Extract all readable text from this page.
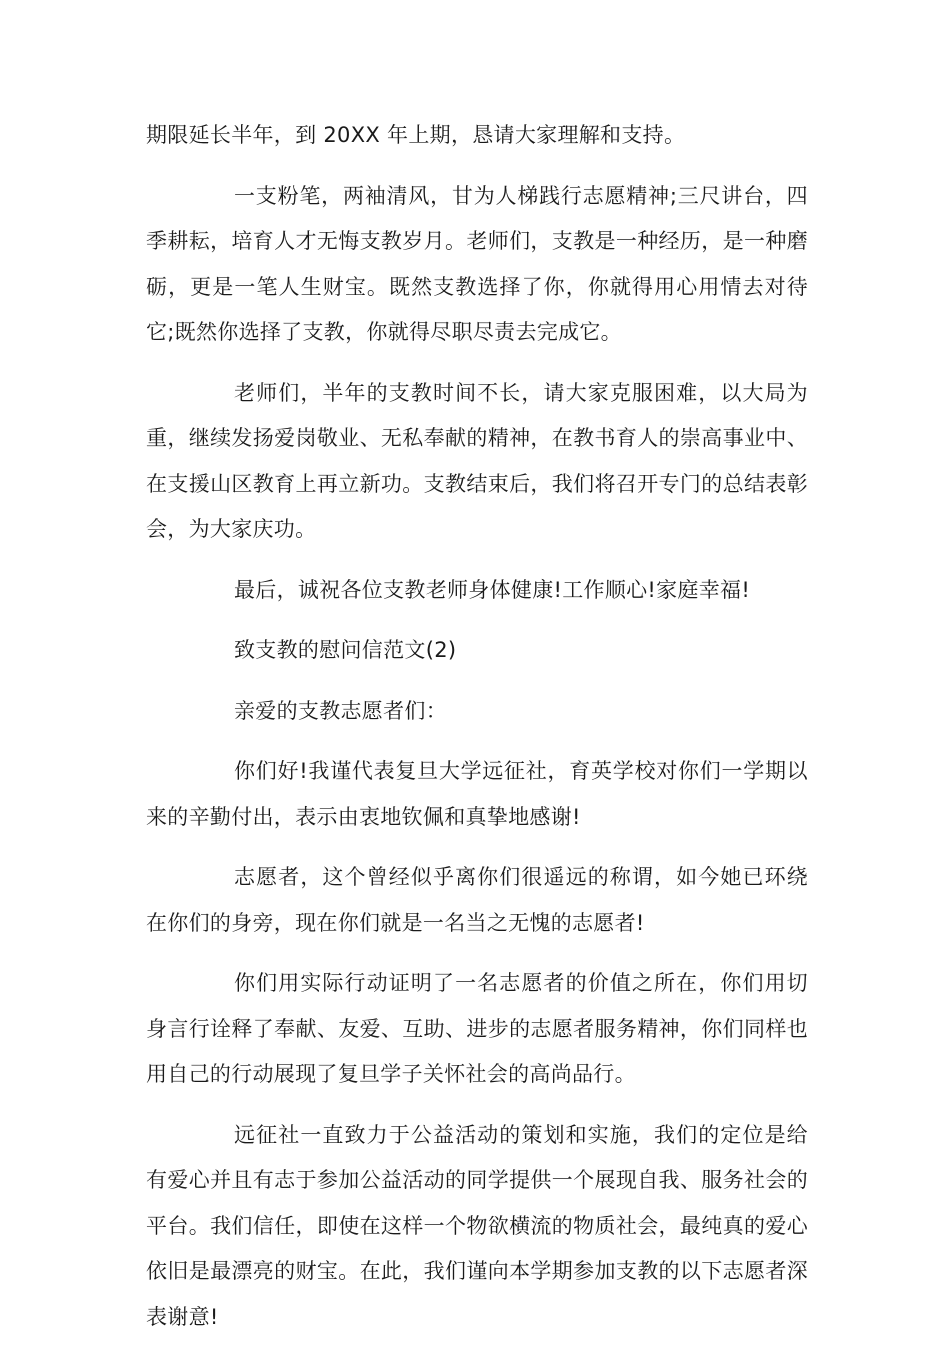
期限延长半年，到 20XX 年上期，恳请大家理解和支持。

一支粉笔，两袖清风，甘为人梯践行志愿精神;三尺讲台，四季耕耘，培育人才无悔支教岁月。老师们，支教是一种经历，是一种磨砺，更是一笔人生财宝。既然支教选择了你，你就得用心用情去对待它;既然你选择了支教，你就得尽职尽责去完成它。

老师们，半年的支教时间不长，请大家克服困难，以大局为重，继续发扬爱岗敬业、无私奉献的精神，在教书育人的崇高事业中、在支援山区教育上再立新功。支教结束后，我们将召开专门的总结表彰会，为大家庆功。

最后，诚祝各位支教老师身体健康!工作顺心!家庭幸福!

致支教的慰问信范文(2)

亲爱的支教志愿者们：

你们好!我谨代表复旦大学远征社，育英学校对你们一学期以来的辛勤付出，表示由衷地钦佩和真挚地感谢!

志愿者，这个曾经似乎离你们很遥远的称谓，如今她已环绕在你们的身旁，现在你们就是一名当之无愧的志愿者!

你们用实际行动证明了一名志愿者的价值之所在，你们用切身言行诠释了奉献、友爱、互助、进步的志愿者服务精神，你们同样也用自己的行动展现了复旦学子关怀社会的高尚品行。

远征社一直致力于公益活动的策划和实施，我们的定位是给有爱心并且有志于参加公益活动的同学提供一个展现自我、服务社会的平台。我们信任，即使在这样一个物欲横流的物质社会，最纯真的爱心依旧是最漂亮的财宝。在此，我们谨向本学期参加支教的以下志愿者深表谢意!
